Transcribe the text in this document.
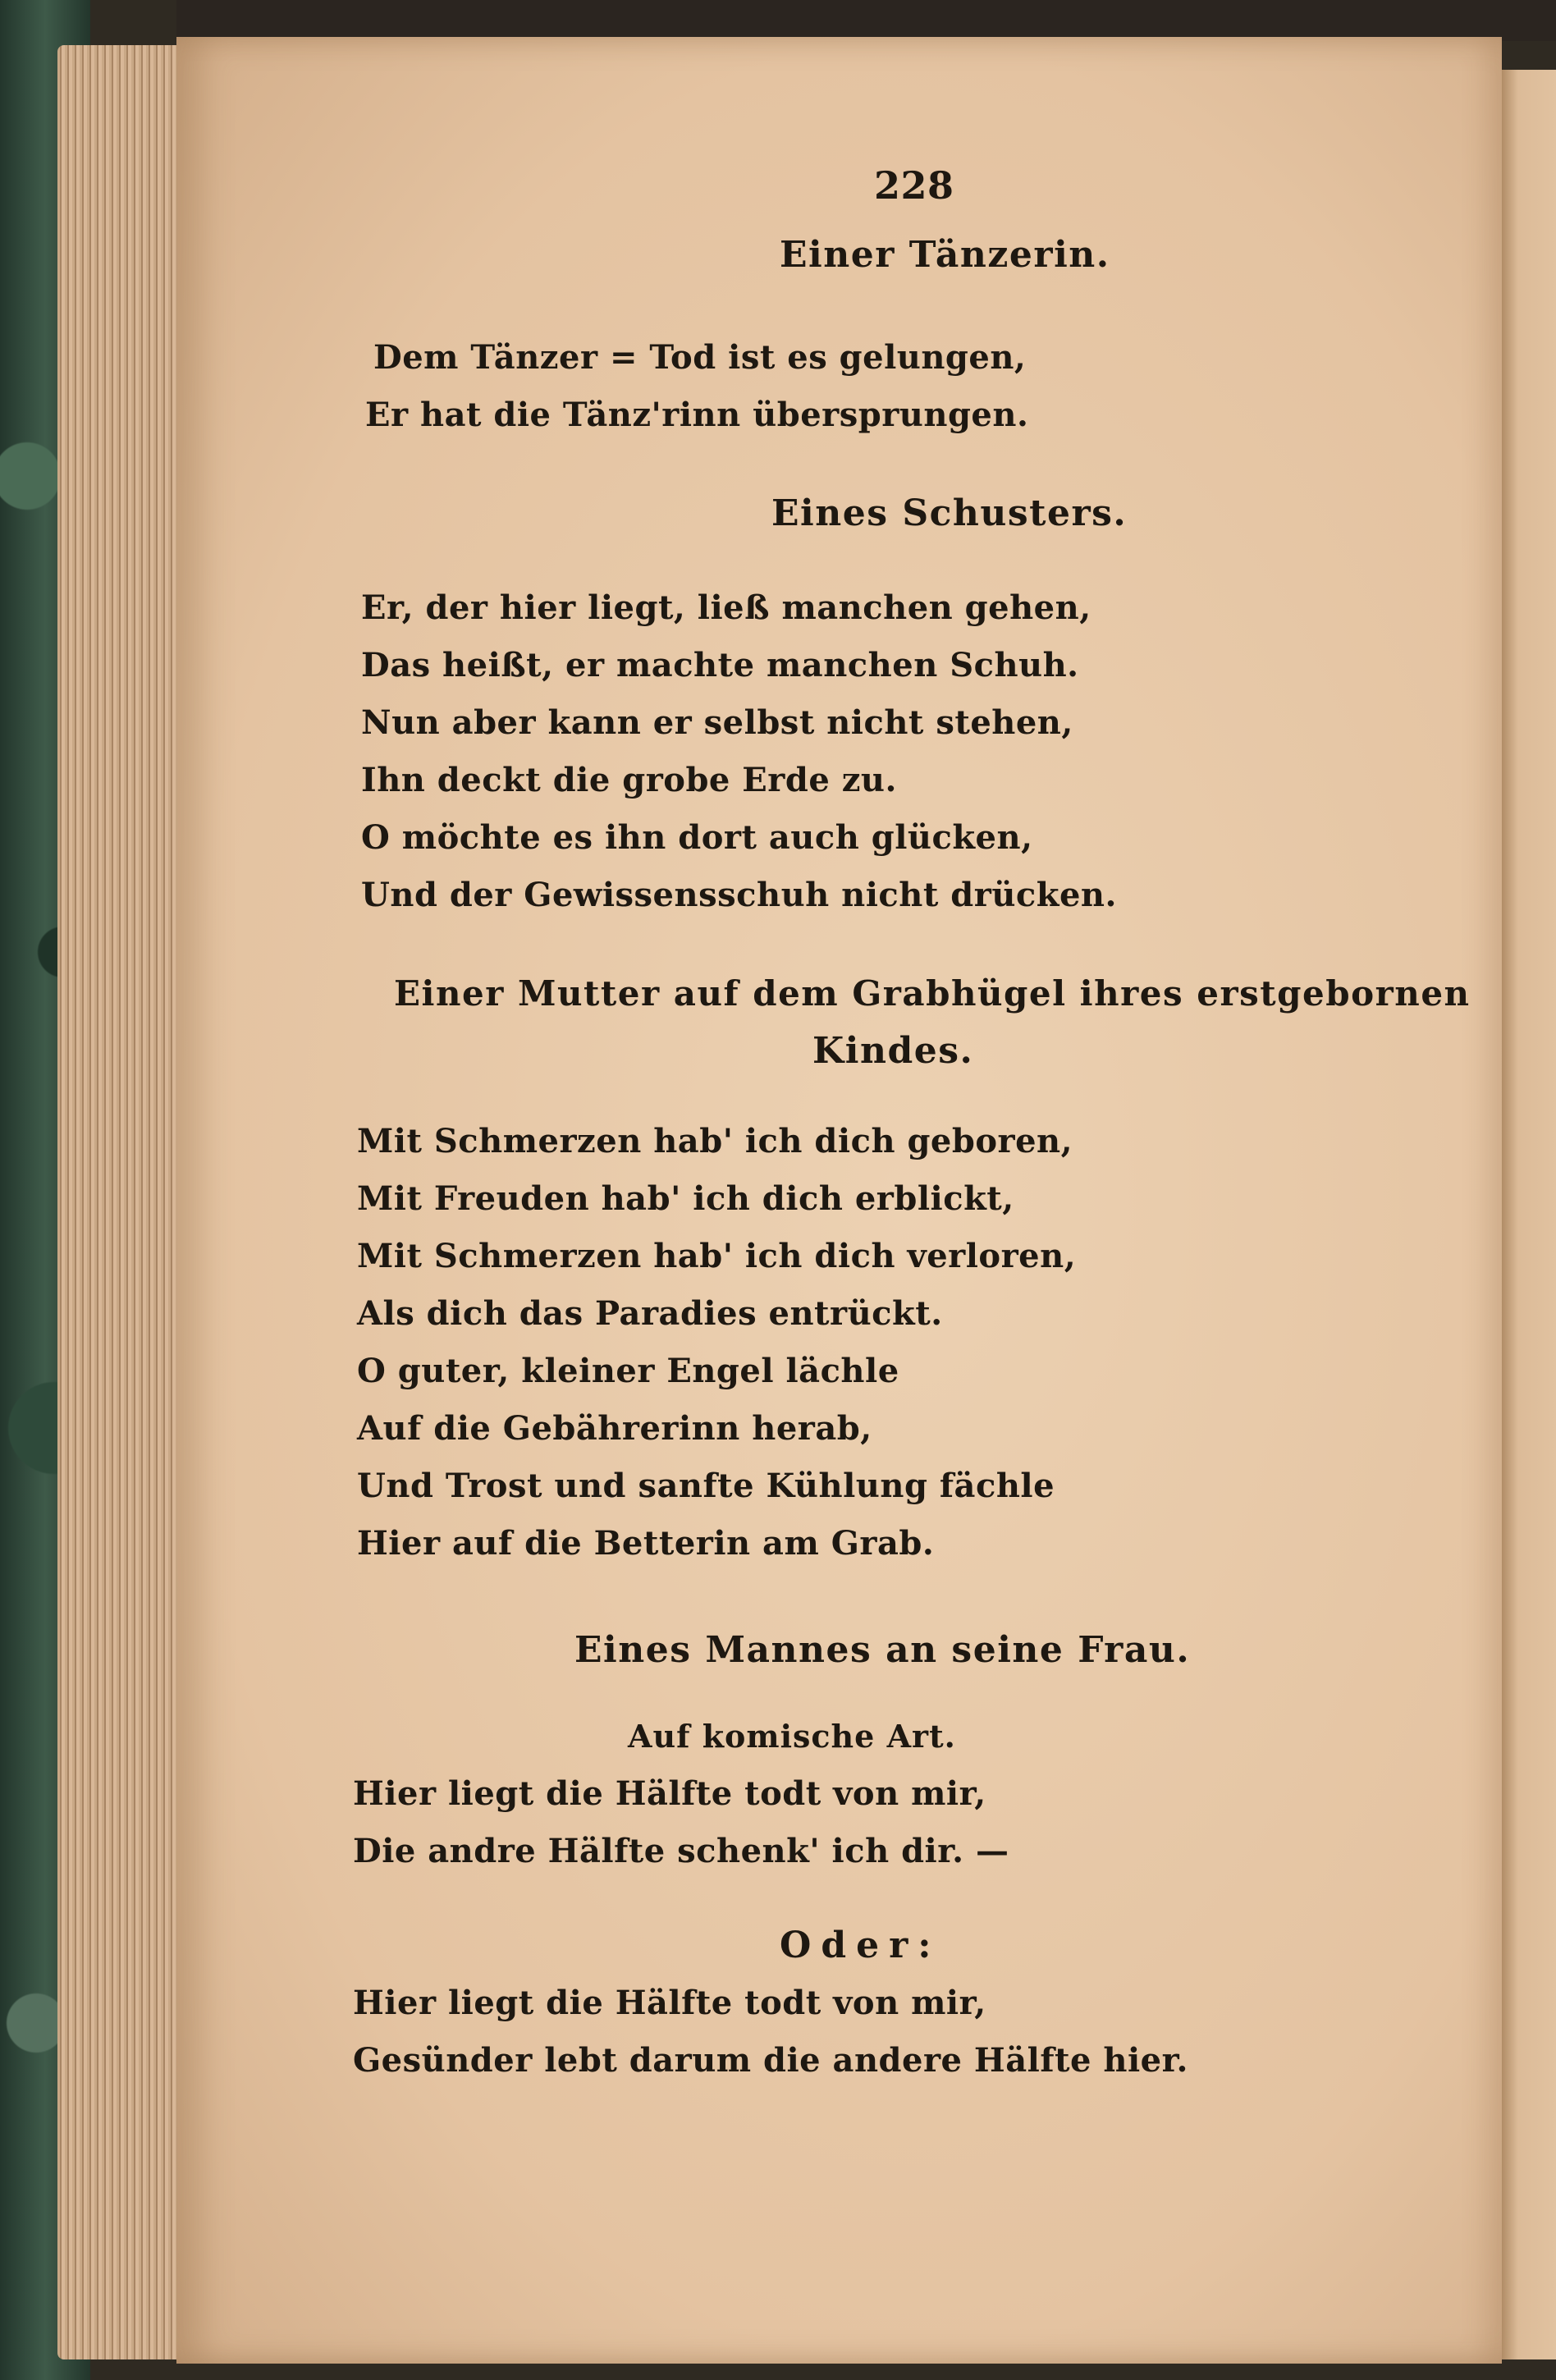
228

Einer Tänzerin.

Dem Tänzer = Tod ist es gelungen,

Er hat die Tänz'rinn übersprungen.

Eines Schusters.

Er, der hier liegt, ließ manchen gehen,

Das heißt, er machte manchen Schuh.

Nun aber kann er selbst nicht stehen,

Ihn deckt die grobe Erde zu.

O möchte es ihn dort auch glücken,

Und der Gewissensschuh nicht drücken.

Einer Mutter auf dem Grabhügel ihres erstgebornen

Kindes.

Mit Schmerzen hab' ich dich geboren,

Mit Freuden hab' ich dich erblickt,

Mit Schmerzen hab' ich dich verloren,

Als dich das Paradies entrückt.

O guter, kleiner Engel lächle

Auf die Gebährerinn herab,

Und Trost und sanfte Kühlung fächle

Hier auf die Betterin am Grab.

Eines Mannes an seine Frau.

Auf komische Art.

Hier liegt die Hälfte todt von mir,

Die andre Hälfte schenk' ich dir. —

Oder:

Hier liegt die Hälfte todt von mir,

Gesünder lebt darum die andere Hälfte hier.
